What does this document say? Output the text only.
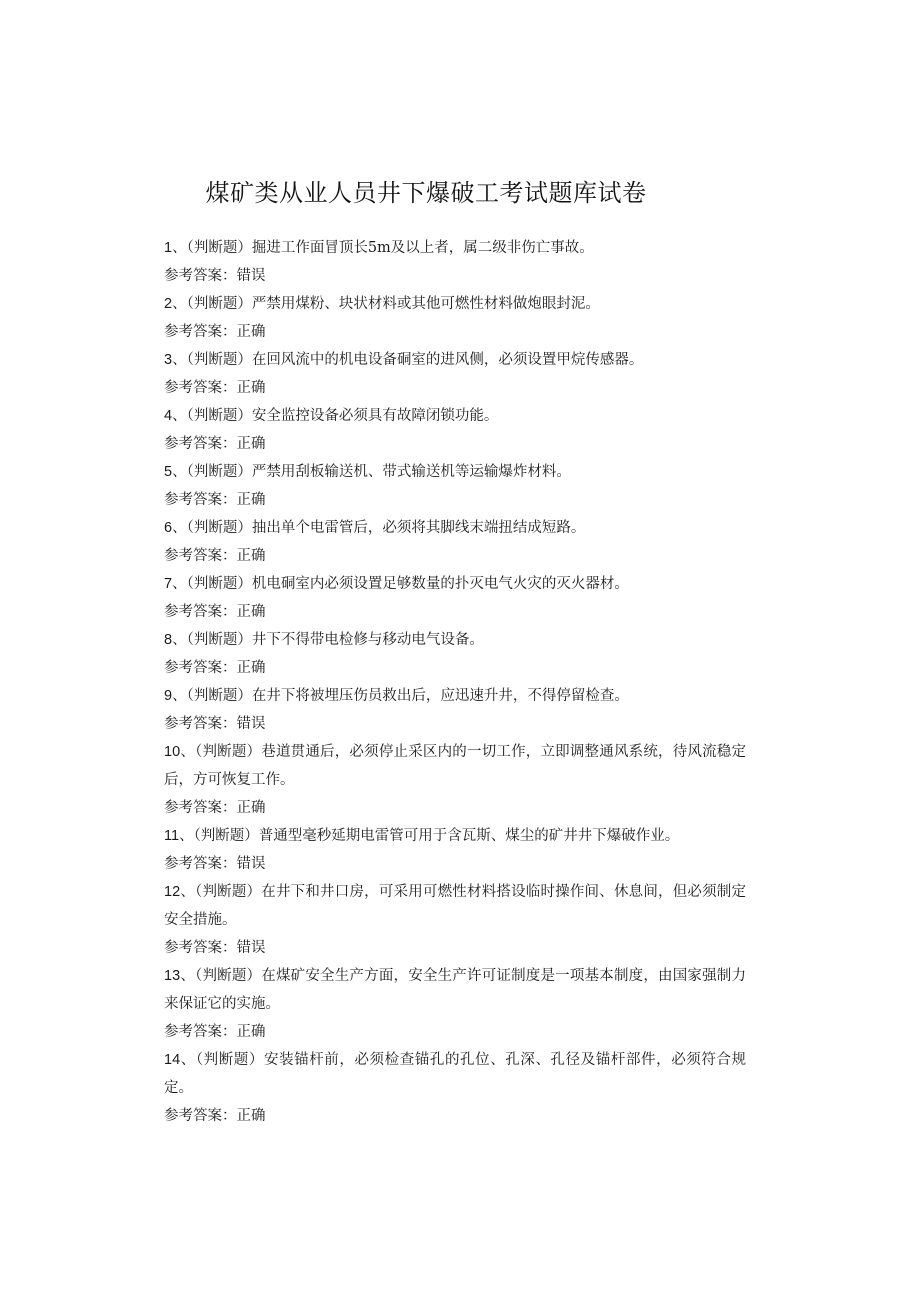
煤矿类从业人员井下爆破工考试题库试卷

1、（判断题）掘进工作面冒顶长5m及以上者，属二级非伤亡事故。

参考答案：错误

2、（判断题）严禁用煤粉、块状材料或其他可燃性材料做炮眼封泥。

参考答案：正确

3、（判断题）在回风流中的机电设备硐室的进风侧，必须设置甲烷传感器。

参考答案：正确

4、（判断题）安全监控设备必须具有故障闭锁功能。

参考答案：正确

5、（判断题）严禁用刮板输送机、带式输送机等运输爆炸材料。

参考答案：正确

6、（判断题）抽出单个电雷管后，必须将其脚线末端扭结成短路。

参考答案：正确

7、（判断题）机电硐室内必须设置足够数量的扑灭电气火灾的灭火器材。

参考答案：正确

8、（判断题）井下不得带电检修与移动电气设备。

参考答案：正确

9、（判断题）在井下将被埋压伤员救出后，应迅速升井，不得停留检查。

参考答案：错误

10、（判断题）巷道贯通后，必须停止采区内的一切工作，立即调整通风系统，待风流稳定后，方可恢复工作。

参考答案：正确

11、（判断题）普通型毫秒延期电雷管可用于含瓦斯、煤尘的矿井井下爆破作业。

参考答案：错误

12、（判断题）在井下和井口房，可采用可燃性材料搭设临时操作间、休息间，但必须制定安全措施。

参考答案：错误

13、（判断题）在煤矿安全生产方面，安全生产许可证制度是一项基本制度，由国家强制力来保证它的实施。

参考答案：正确

14、（判断题）安装锚杆前，必须检查锚孔的孔位、孔深、孔径及锚杆部件，必须符合规定。

参考答案：正确
